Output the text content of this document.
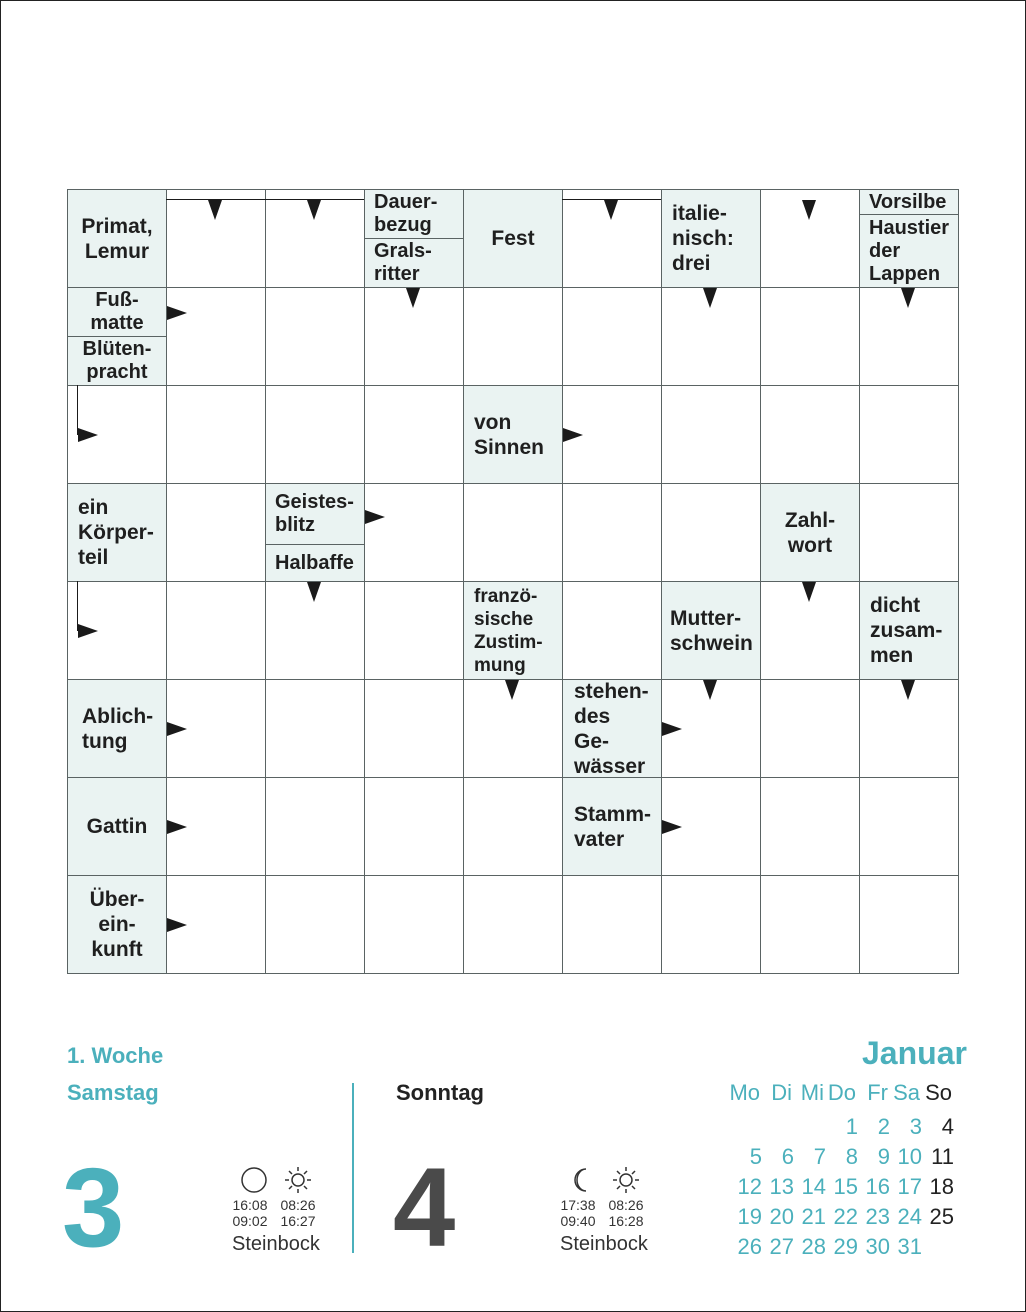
Primat,
Lemur
Dauer-
bezug
Grals-
ritter
Fest
italie-
nisch:
drei
Vorsilbe
Haustier
der
Lappen
Fuß-
matte
Blüten-
pracht
von
Sinnen
ein
Körper-
teil
Geistes-
blitz
Halbaffe
Zahl-
wort
franzö-
sische
Zustim-
mung
Mutter-
schwein
dicht
zusam-
men
Ablich-
tung
stehen-
des Ge-
wässer
Gattin
Stamm-
vater
Über-
ein-
kunft
1. Woche
Samstag
3	16:08
09:02
08:26
16:27
Steinbock
Sonntag
4	17:38
09:40
08:26
16:28
Steinbock
Januar
Mo Di Mi Do Fr Sa So
1 2 3 4
5 6 7 8 9 10 11
12 13 14 15 16 17 18
19 20 21 22 23 24 25
26 27 28 29 30 31
